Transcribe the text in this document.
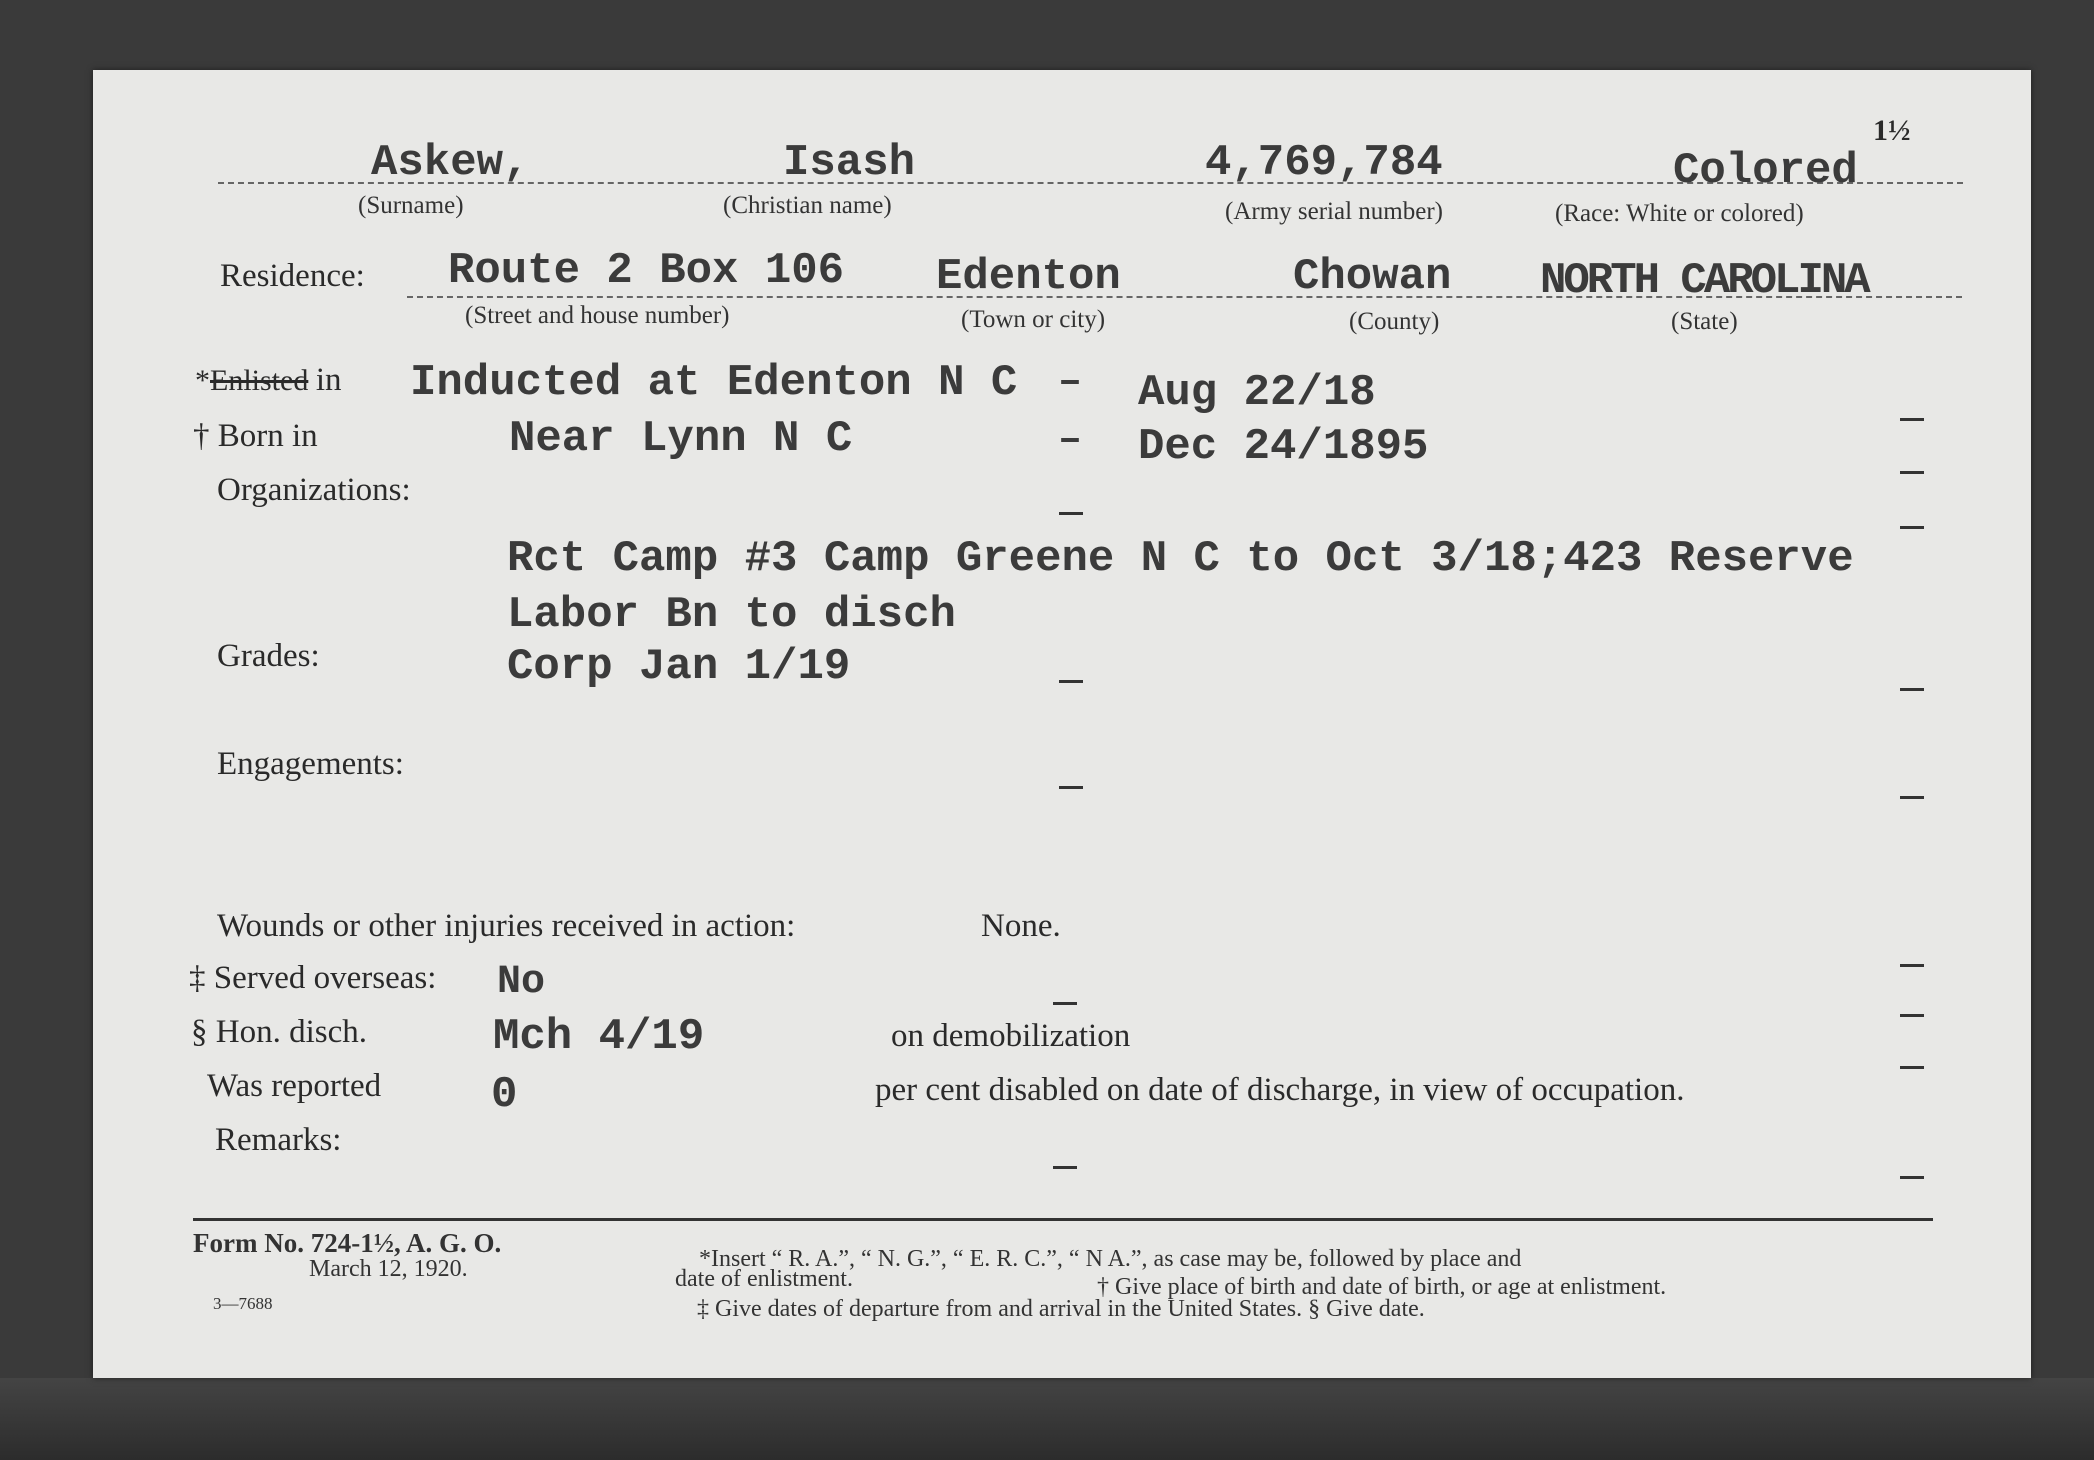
1½
Askew,
(Surname)
Isash
(Christian name)
4,769,784
(Army serial number)
Colored
(Race: White or colored)
Residence: Route 2 Box 106
(Street and house number)
Edenton
(Town or city)
Chowan
(County)
NORTH CAROLINA
(State)
*Enlisted in Inducted at Edenton N C – Aug 22/18
† Born in	Near Lynn N C	– Dec 24/1895
Organizations:
Rct Camp #3 Camp Greene N C to Oct 3/18;423 Reserve
Labor Bn to disch
Grades:	Corp Jan 1/19
Engagements:
Wounds or other injuries received in action:	None.
‡ Served overseas: No
§ Hon. disch.	Mch 4/19	on demobilization
Was reported 0	per cent disabled on date of discharge, in view of occupation.
Remarks:
Form No. 724-1½, A. G. O.
March 12, 1920.
3—7688
*Insert “ R. A.”, “ N. G.”, “ E. R. C.”, “ N A.”, as case may be, followed by place and
date of enlistment.	† Give place of birth and date of birth, or age at enlistment.
‡ Give dates of departure from and arrival in the United States. § Give date.
